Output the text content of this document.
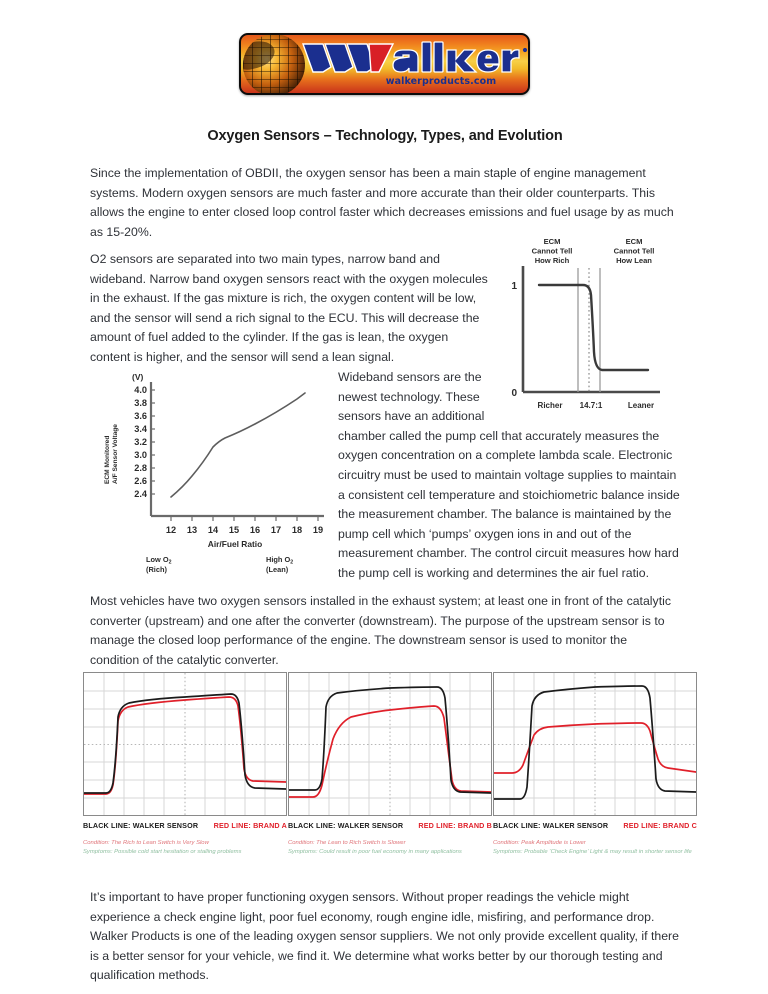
walkerproducts.com
Oxygen Sensors – Technology, Types, and Evolution

Since the implementation of OBDII, the oxygen sensor has been a main staple of engine management systems. Modern oxygen sensors are much faster and more accurate than their older counterparts. This allows the engine to enter closed loop control faster which decreases emissions and fuel usage by as much as 15-20%.

O2 sensors are separated into two main types, narrow band and wideband. Narrow band oxygen sensors react with the oxygen molecules in the exhaust. If the gas mixture is rich, the oxygen content will be low, and the sensor will send a rich signal to the ECU. This will decrease the amount of fuel added to the cylinder. If the gas is lean, the oxygen content is higher, and the sensor will send a lean signal.

Wideband sensors are the newest technology. These sensors have an additional chamber called the pump cell that accurately measures the oxygen concentration on a complete lambda scale. Electronic circuitry must be used to maintain voltage supplies to maintain a consistent cell temperature and stoichiometric balance inside the measurement chamber. The balance is maintained by the pump cell which ‘pumps’ oxygen ions in and out of the measurement chamber. The control circuit measures how hard the pump cell is working and determines the air fuel ratio.

Most vehicles have two oxygen sensors installed in the exhaust system; at least one in front of the catalytic converter (upstream) and one after the converter (downstream). The purpose of the upstream sensor is to manage the closed loop performance of the engine. The downstream sensor is used to monitor the condition of the catalytic converter.

It’s important to have proper functioning oxygen sensors. Without proper readings the vehicle might experience a check engine light, poor fuel economy, rough engine idle, misfiring, and performance drop. Walker Products is one of the leading oxygen sensor suppliers. We not only provide excellent quality, if there is a better sensor for your vehicle, we find it. We determine what works better by our thorough testing and qualification methods.

ECM
Cannot Tell
How Rich
ECM
Cannot Tell
How Lean
1
0
Richer 14.7:1	Leaner
ECM Monitored A/F Sensor Voltage
(V)
4.0
3.8
3.6
3.4
3.2
3.0
2.8
2.6
2.4
12 13 14 15 16 17 18 19
Air/Fuel Ratio
Low $O_2$
(Rich)
High $O_2$
(Lean)
BLACK LINE: WALKER SENSOR RED LINE: BRAND A
Condition: The Rich to Lean Switch is Very Slow
Symptoms: Possible cold start hesitation or stalling problems
BLACK LINE: WALKER SENSOR RED LINE: BRAND B
Condition: The Lean to Rich Switch is Slower
Symptoms: Could result in poor fuel economy in many applications
BLACK LINE: WALKER SENSOR RED LINE: BRAND C
Condition: Peak Amplitude is Lower
Symptoms: Probable ‘Check Engine’ Light & may result in shorter sensor life
